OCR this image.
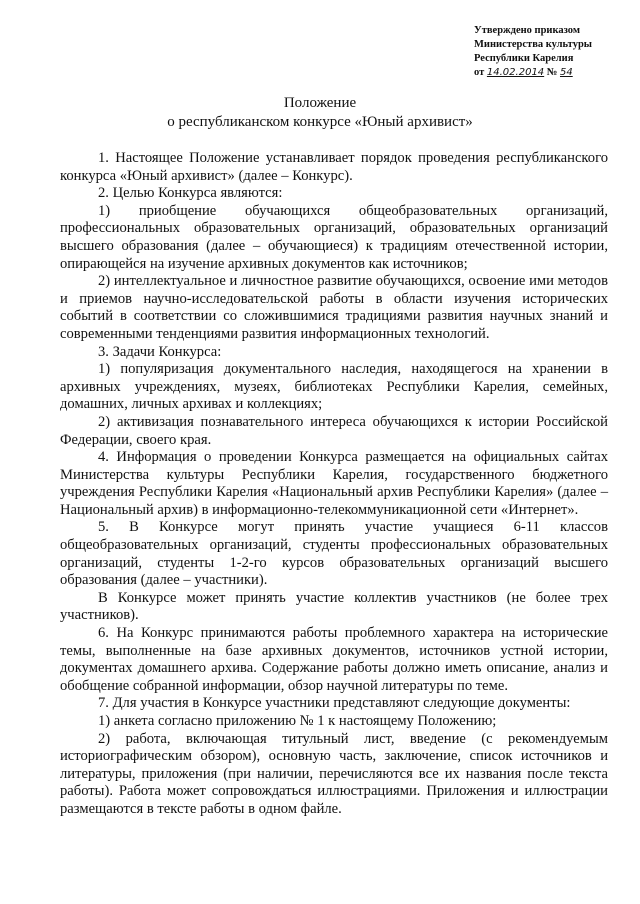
Утверждено приказом
Министерства культуры
Республики Карелия
от 14.02.2014 № 54
Положение
о республиканском конкурсе «Юный архивист»

1. Настоящее Положение устанавливает порядок проведения республиканского конкурса «Юный архивист» (далее – Конкурс).

2. Целью Конкурса являются:

1) приобщение обучающихся общеобразовательных организаций, профессиональных образовательных организаций, образовательных организаций высшего образования (далее – обучающиеся) к традициям отечественной истории, опирающейся на изучение архивных документов как источников;

2) интеллектуальное и личностное развитие обучающихся, освоение ими методов и приемов научно-исследовательской работы в области изучения исторических событий в соответствии со сложившимися традициями развития научных знаний и современными тенденциями развития информационных технологий.

3. Задачи Конкурса:

1) популяризация документального наследия, находящегося на хранении в архивных учреждениях, музеях, библиотеках Республики Карелия, семейных, домашних, личных архивах и коллекциях;

2) активизация познавательного интереса обучающихся к истории Российской Федерации, своего края.

4. Информация о проведении Конкурса размещается на официальных сайтах Министерства культуры Республики Карелия, государственного бюджетного учреждения Республики Карелия «Национальный архив Республики Карелия» (далее – Национальный архив) в информационно-телекоммуникационной сети «Интернет».

5. В Конкурсе могут принять участие учащиеся 6-11 классов общеобразовательных организаций, студенты профессиональных образовательных организаций, студенты 1-2-го курсов образовательных организаций высшего образования (далее – участники).

В Конкурсе может принять участие коллектив участников (не более трех участников).

6. На Конкурс принимаются работы проблемного характера на исторические темы, выполненные на базе архивных документов, источников устной истории, документах домашнего архива. Содержание работы должно иметь описание, анализ и обобщение собранной информации, обзор научной литературы по теме.

7. Для участия в Конкурсе участники представляют следующие документы:

1) анкета согласно приложению № 1 к настоящему Положению;

2) работа, включающая титульный лист, введение (с рекомендуемым историографическим обзором), основную часть, заключение, список источников и литературы, приложения (при наличии, перечисляются все их названия после текста работы). Работа может сопровождаться иллюстрациями. Приложения и иллюстрации размещаются в тексте работы в одном файле.
